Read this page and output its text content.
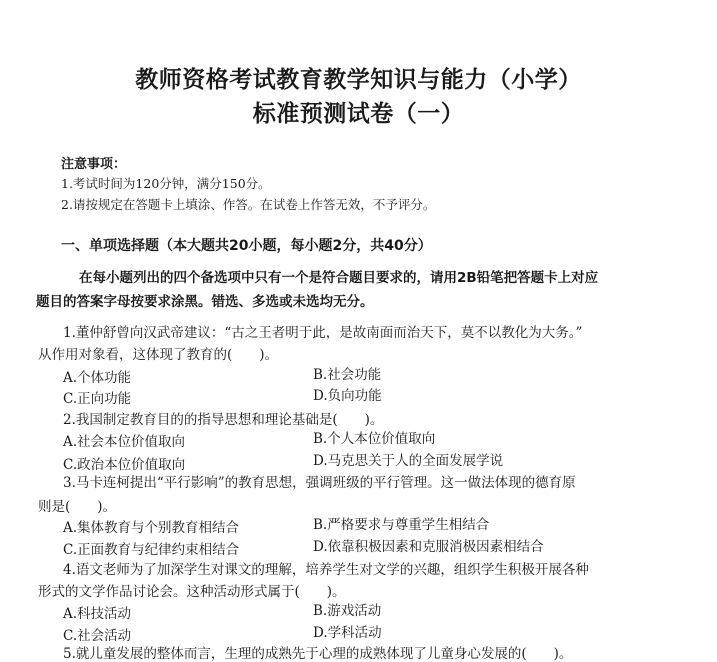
教师资格考试教育教学知识与能力（小学）
标准预测试卷（一）
注意事项：
1.考试时间为120分钟，满分150分。
2.请按规定在答题卡上填涂、作答。在试卷上作答无效，不予评分。
一、单项选择题（本大题共20小题，每小题2分，共40分）
在每小题列出的四个备选项中只有一个是符合题目要求的，请用2B铅笔把答题卡上对应
题目的答案字母按要求涂黑。错选、多选或未选均无分。
1.董仲舒曾向汉武帝建议：“古之王者明于此，是故南面而治天下，莫不以教化为大务。”
从作用对象看，这体现了教育的(　　)。
A.个体功能	B.社会功能
C.正向功能	D.负向功能
2.我国制定教育目的的指导思想和理论基础是(　　)。
A.社会本位价值取向	B.个人本位价值取向
C.政治本位价值取向	D.马克思关于人的全面发展学说
3.马卡连柯提出“平行影响”的教育思想，强调班级的平行管理。这一做法体现的德育原
则是(　　)。
A.集体教育与个别教育相结合	B.严格要求与尊重学生相结合
C.正面教育与纪律约束相结合	D.依靠积极因素和克服消极因素相结合
4.语文老师为了加深学生对课文的理解，培养学生对文学的兴趣，组织学生积极开展各种
形式的文学作品讨论会。这种活动形式属于(　　)。
A.科技活动	B.游戏活动
C.社会活动	D.学科活动
5.就儿童发展的整体而言，生理的成熟先于心理的成熟体现了儿童身心发展的(　　)。
